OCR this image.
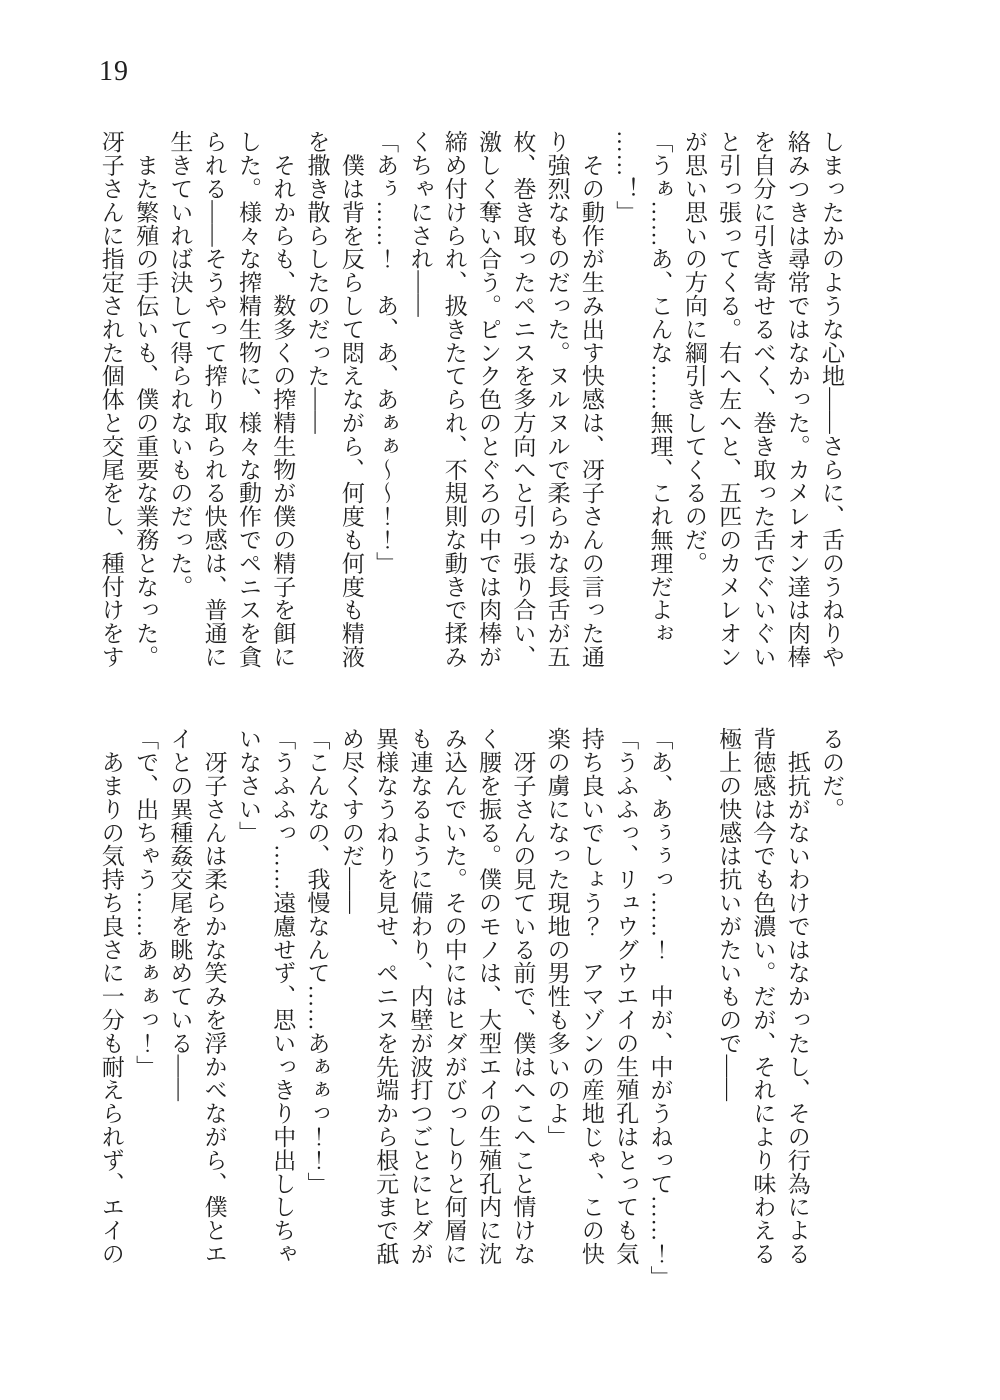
19
しまったかのような心地——さらに、舌のうねりや
絡みつきは尋常ではなかった。カメレオン達は肉棒
を自分に引き寄せるべく、巻き取った舌でぐいぐい
と引っ張ってくる。右へ左へと、五匹のカメレオン
が思い思いの方向に綱引きしてくるのだ。
「うぁ……あ、こんな……無理、これ無理だよぉ
……！」
　その動作が生み出す快感は、冴子さんの言った通
り強烈なものだった。ヌルヌルで柔らかな長舌が五
枚、巻き取ったペニスを多方向へと引っ張り合い、
激しく奪い合う。ピンク色のとぐろの中では肉棒が
締め付けられ、扱きたてられ、不規則な動きで揉み
くちゃにされ——
「あぅ……！　あ、あ、あぁぁ～～！！」
　僕は背を反らして悶えながら、何度も何度も精液
を撒き散らしたのだった——
　それからも、数多くの搾精生物が僕の精子を餌に
した。様々な搾精生物に、様々な動作でペニスを貪
られる——そうやって搾り取られる快感は、普通に
生きていれば決して得られないものだった。
　また繁殖の手伝いも、僕の重要な業務となった。
冴子さんに指定された個体と交尾をし、種付けをす
るのだ。
　抵抗がないわけではなかったし、その行為による
背徳感は今でも色濃い。だが、それにより味わえる
極上の快感は抗いがたいもので——
「あ、あぅぅっ……！　中が、中がうねって……！」
「うふふっ、リュウグウエイの生殖孔はとっても気
持ち良いでしょう？　アマゾンの産地じゃ、この快
楽の虜になった現地の男性も多いのよ」
　冴子さんの見ている前で、僕はへこへこと情けな
く腰を振る。僕のモノは、大型エイの生殖孔内に沈
み込んでいた。その中にはヒダがびっしりと何層に
も連なるように備わり、内壁が波打つごとにヒダが
異様なうねりを見せ、ペニスを先端から根元まで舐
め尽くすのだ——
「こんなの、我慢なんて……あぁぁっ！！」
「うふふっ……遠慮せず、思いっきり中出ししちゃ
いなさい」
　冴子さんは柔らかな笑みを浮かべながら、僕とエ
イとの異種姦交尾を眺めている——
「で、出ちゃう……あぁぁっ！」
　あまりの気持ち良さに一分も耐えられず、エイの
